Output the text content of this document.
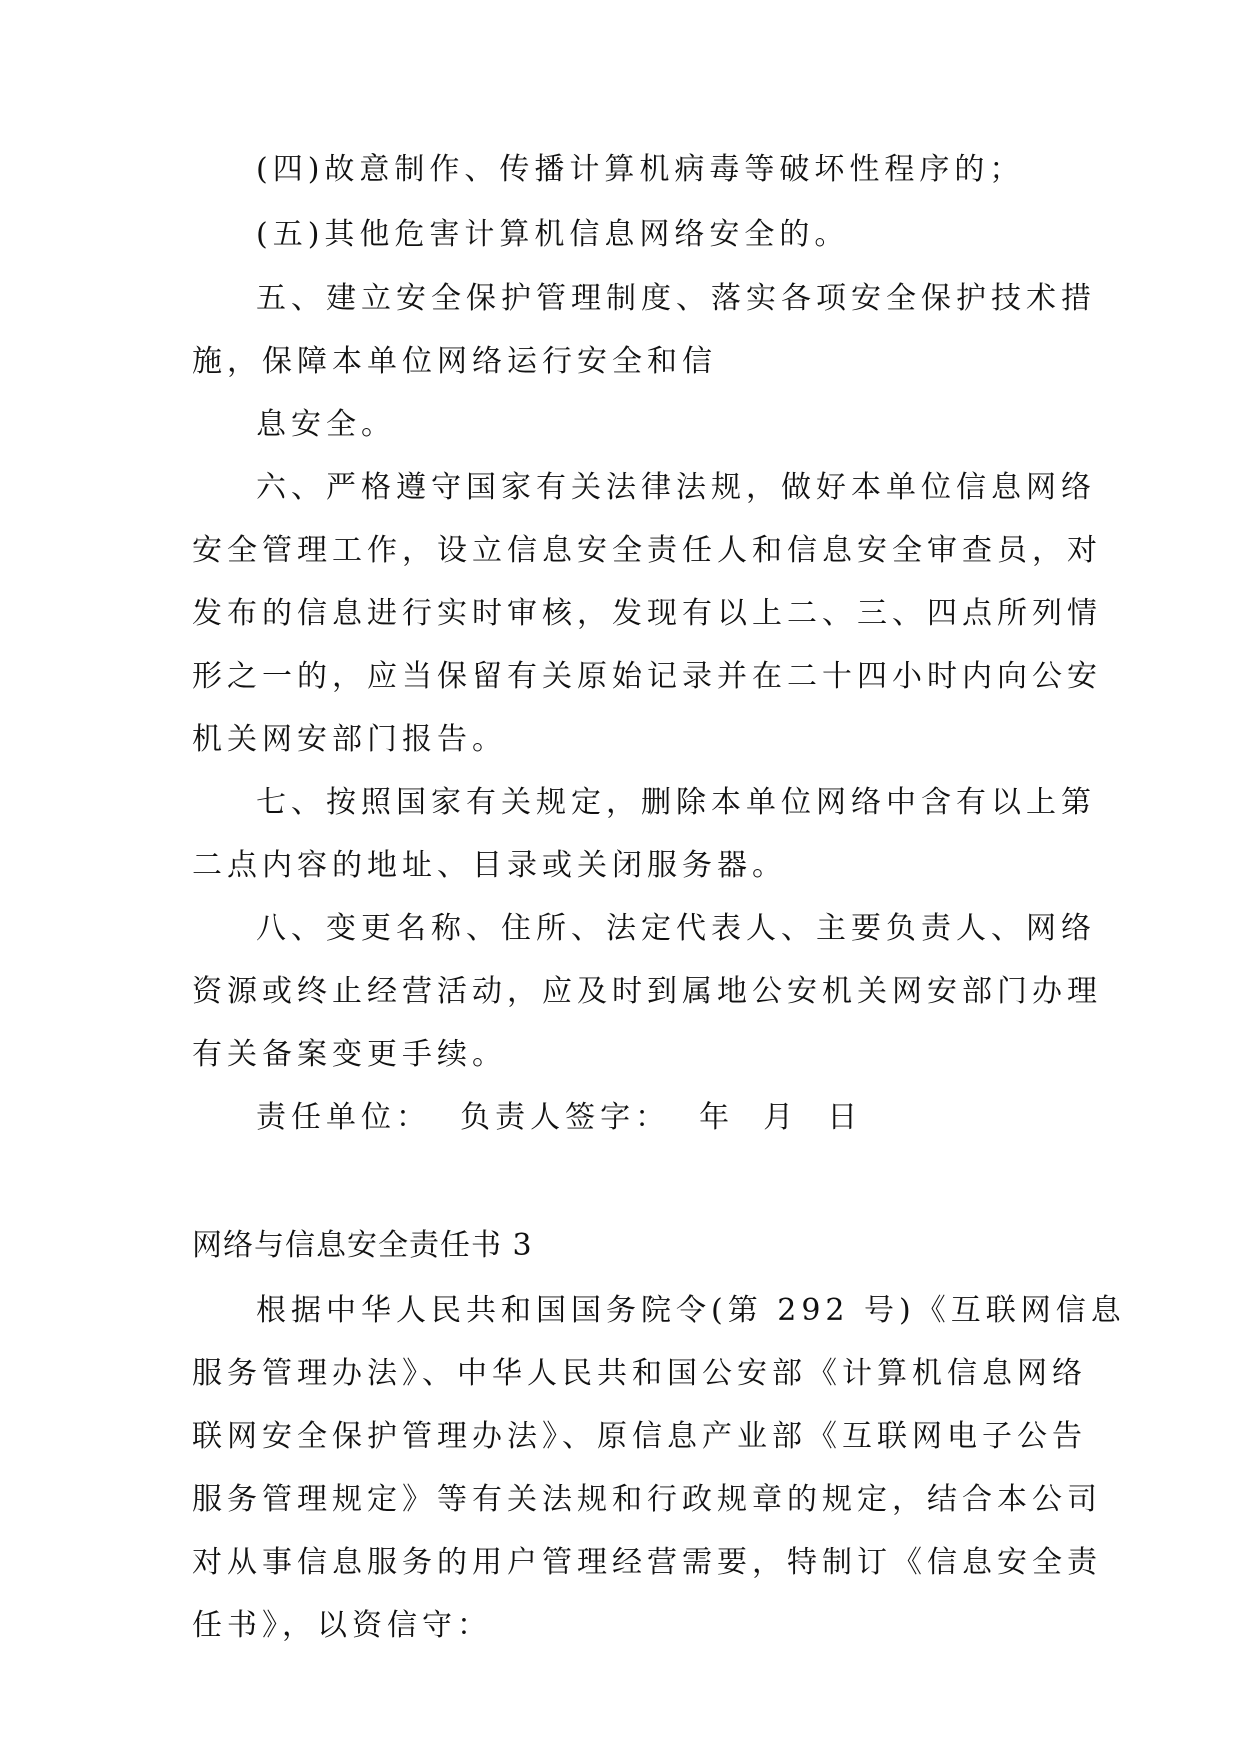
(四)故意制作、传播计算机病毒等破坏性程序的；
(五)其他危害计算机信息网络安全的。
五、建立安全保护管理制度、落实各项安全保护技术措
施，保障本单位网络运行安全和信
息安全。
六、严格遵守国家有关法律法规，做好本单位信息网络
安全管理工作，设立信息安全责任人和信息安全审查员，对
发布的信息进行实时审核，发现有以上二、三、四点所列情
形之一的，应当保留有关原始记录并在二十四小时内向公安
机关网安部门报告。
七、按照国家有关规定，删除本单位网络中含有以上第
二点内容的地址、目录或关闭服务器。
八、变更名称、住所、法定代表人、主要负责人、网络
资源或终止经营活动，应及时到属地公安机关网安部门办理
有关备案变更手续。
责任单位：  负责人签字：  年  月  日
网络与信息安全责任书 3
根据中华人民共和国国务院令(第 292 号)《互联网信息
服务管理办法》、中华人民共和国公安部《计算机信息网络
联网安全保护管理办法》、原信息产业部《互联网电子公告
服务管理规定》等有关法规和行政规章的规定，结合本公司
对从事信息服务的用户管理经营需要，特制订《信息安全责
任书》，以资信守：
